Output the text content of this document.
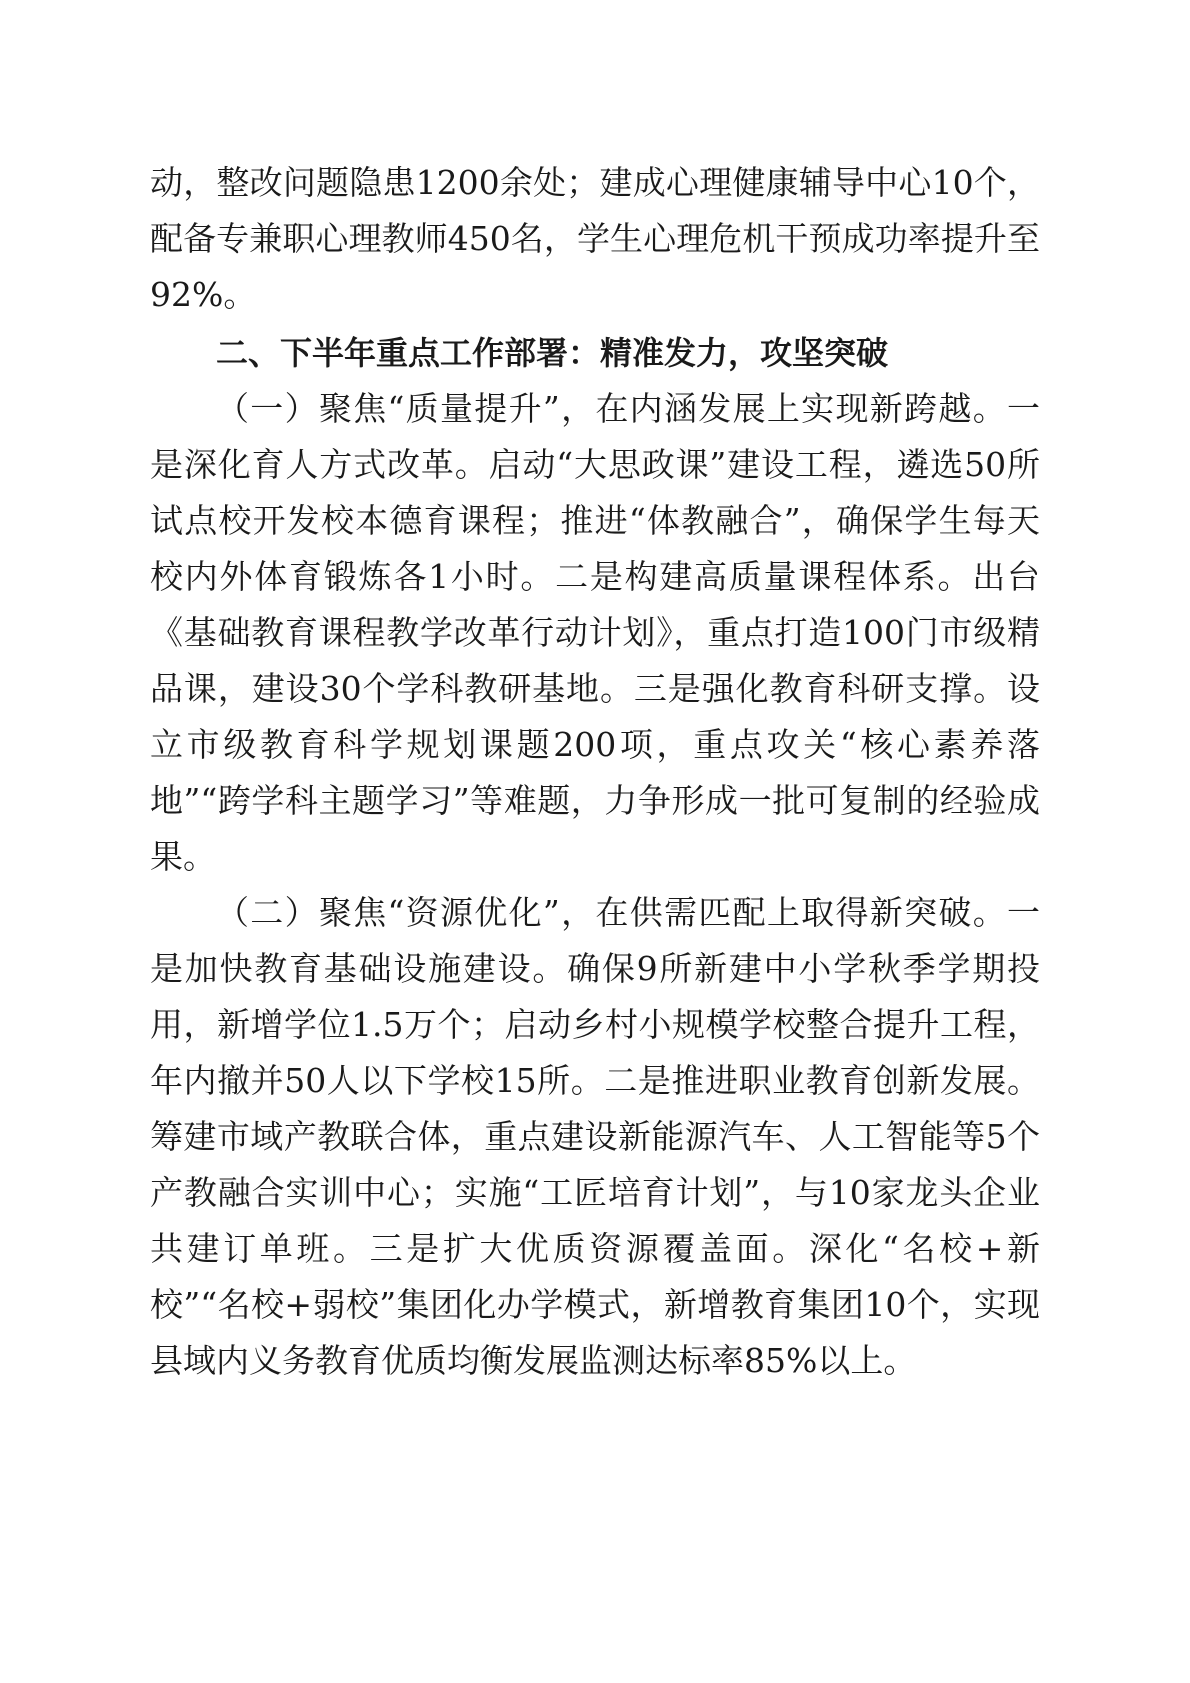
动，整改问题隐患1200余处；建成心理健康辅导中心10个，配备专兼职心理教师450名，学生心理危机干预成功率提升至92%。

二、下半年重点工作部署：精准发力，攻坚突破

（一）聚焦“质量提升”，在内涵发展上实现新跨越。一是深化育人方式改革。启动“大思政课”建设工程，遴选50所试点校开发校本德育课程；推进“体教融合”，确保学生每天校内外体育锻炼各1小时。二是构建高质量课程体系。出台《基础教育课程教学改革行动计划》，重点打造100门市级精品课，建设30个学科教研基地。三是强化教育科研支撑。设立市级教育科学规划课题200项，重点攻关“核心素养落地”“跨学科主题学习”等难题，力争形成一批可复制的经验成果。

（二）聚焦“资源优化”，在供需匹配上取得新突破。一是加快教育基础设施建设。确保9所新建中小学秋季学期投用，新增学位1.5万个；启动乡村小规模学校整合提升工程，年内撤并50人以下学校15所。二是推进职业教育创新发展。筹建市域产教联合体，重点建设新能源汽车、人工智能等5个产教融合实训中心；实施“工匠培育计划”，与10家龙头企业共建订单班。三是扩大优质资源覆盖面。深化“名校+新校”“名校+弱校”集团化办学模式，新增教育集团10个，实现县域内义务教育优质均衡发展监测达标率85%以上。
